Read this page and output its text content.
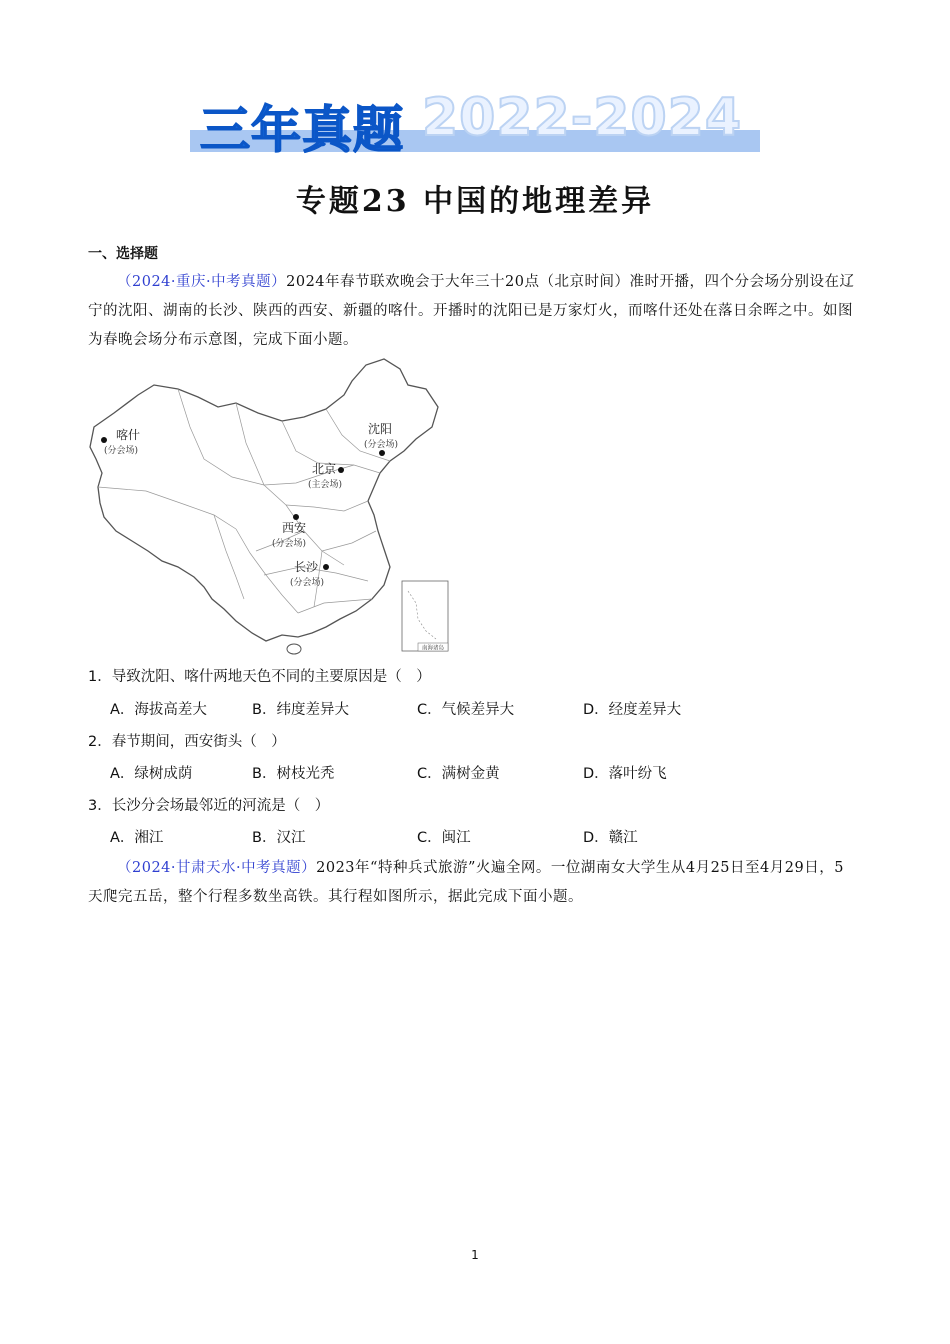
三年真题 2022-2024
专题23 中国的地理差异
一、选择题

（2024·重庆·中考真题）2024年春节联欢晚会于大年三十20点（北京时间）准时开播，四个分会场分别设在辽宁的沈阳、湖南的长沙、陕西的西安、新疆的喀什。开播时的沈阳已是万家灯火，而喀什还处在落日余晖之中。如图为春晚会场分布示意图，完成下面小题。

南海诸岛
喀什
(分会场)
沈阳
(分会场)
北京
(主会场)
西安
(分会场)
长沙
(分会场)
1．导致沈阳、喀什两地天色不同的主要原因是（　）
A．海拔高差大	B．纬度差异大	C．气候差异大	D．经度差异大
2．春节期间，西安街头（　）
A．绿树成荫	B．树枝光秃	C．满树金黄	D．落叶纷飞
3．长沙分会场最邻近的河流是（　）
A．湘江	B．汉江	C．闽江	D．赣江

（2024·甘肃天水·中考真题）2023年“特种兵式旅游”火遍全网。一位湖南女大学生从4月25日至4月29日，5天爬完五岳，整个行程多数坐高铁。其行程如图所示，据此完成下面小题。

1
